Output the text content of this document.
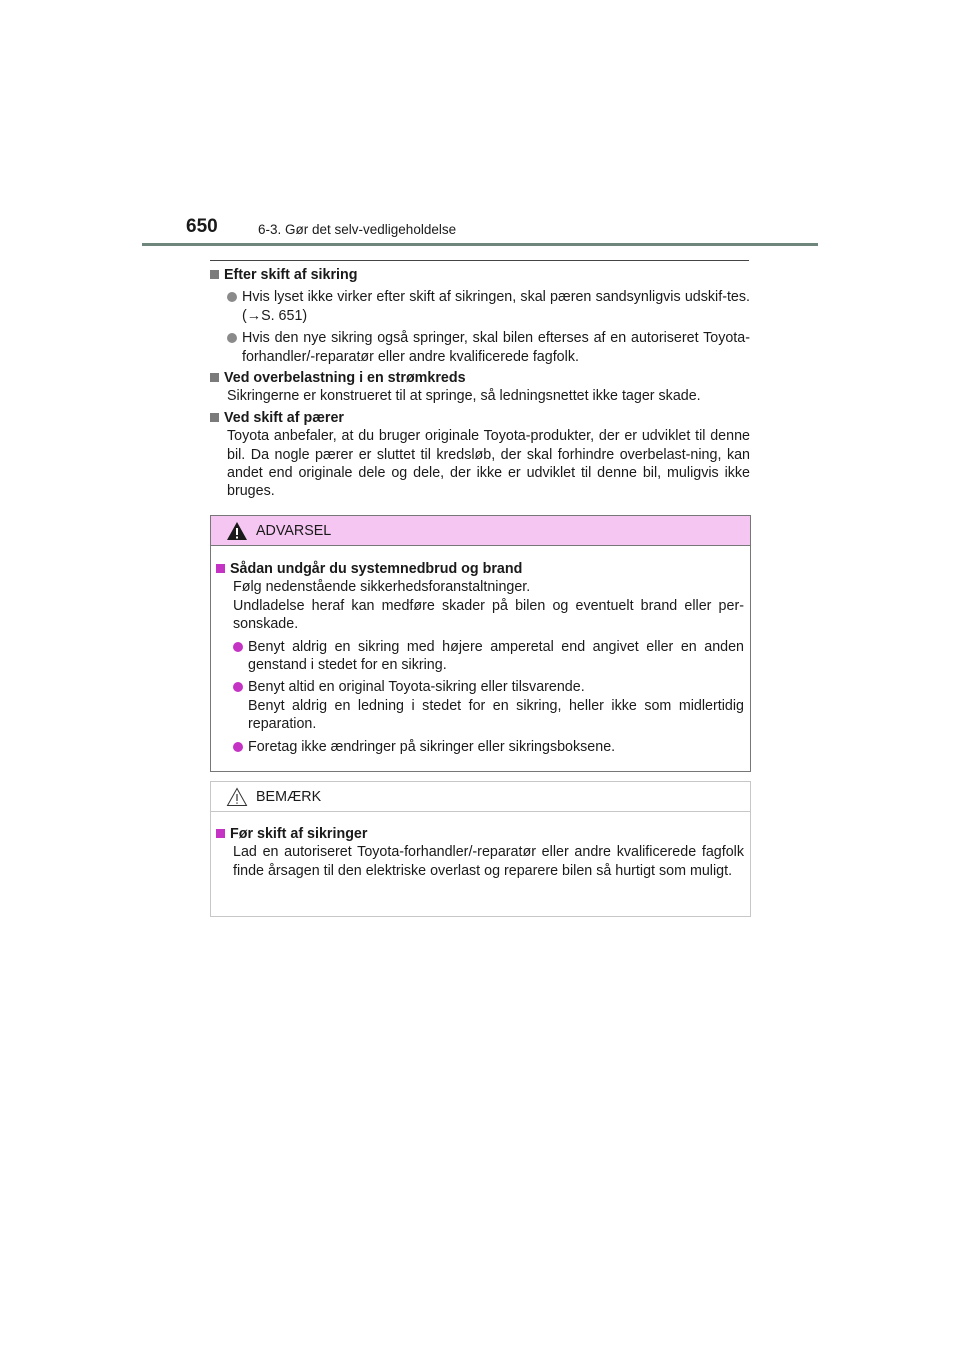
650	6-3. Gør det selv-vedligeholdelse
Efter skift af sikring
Hvis lyset ikke virker efter skift af sikringen, skal pæren sandsynligvis udskif-tes. (→S. 651)
Hvis den nye sikring også springer, skal bilen efterses af en autoriseret Toyota-forhandler/-reparatør eller andre kvalificerede fagfolk.
Ved overbelastning i en strømkreds
Sikringerne er konstrueret til at springe, så ledningsnettet ikke tager skade.
Ved skift af pærer
Toyota anbefaler, at du bruger originale Toyota-produkter, der er udviklet til denne bil. Da nogle pærer er sluttet til kredsløb, der skal forhindre overbelast-ning, kan andet end originale dele og dele, der ikke er udviklet til denne bil, muligvis ikke bruges.
ADVARSEL
Sådan undgår du systemnedbrud og brand
Følg nedenstående sikkerhedsforanstaltninger.
Undladelse heraf kan medføre skader på bilen og eventuelt brand eller per-sonskade.
Benyt aldrig en sikring med højere amperetal end angivet eller en anden genstand i stedet for en sikring.
Benyt altid en original Toyota-sikring eller tilsvarende.
Benyt aldrig en ledning i stedet for en sikring, heller ikke som midlertidig reparation.
Foretag ikke ændringer på sikringer eller sikringsboksene.
BEMÆRK
Før skift af sikringer
Lad en autoriseret Toyota-forhandler/-reparatør eller andre kvalificerede fagfolk finde årsagen til den elektriske overlast og reparere bilen så hurtigt som muligt.
